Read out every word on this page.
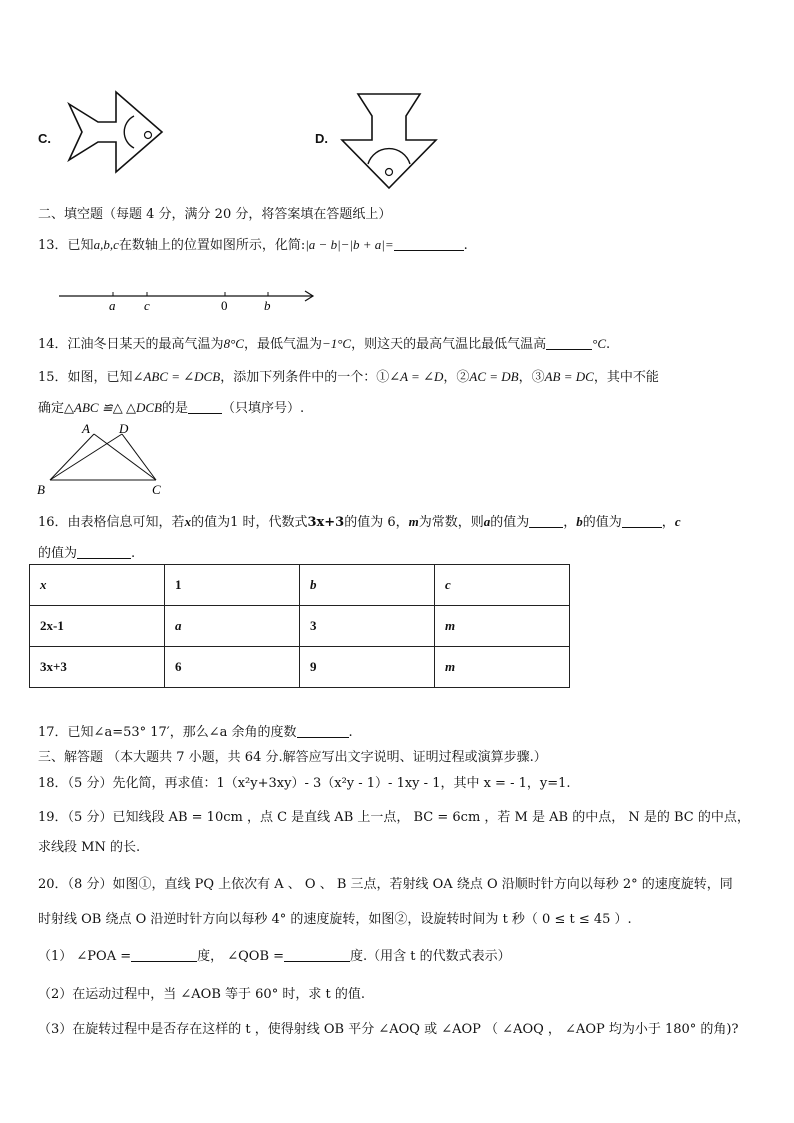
C.	D.
二、填空题（每题 4 分，满分 20 分，将答案填在答题纸上）
13．已知a,b,c在数轴上的位置如图所示，化简:|a − b|−|b + a|=	.
a c	0	b
14．江油冬日某天的最高气温为8°C，最低气温为−1°C，则这天的最高气温比最低气温高	°C.
15．如图，已知∠ABC = ∠DCB，添加下列条件中的一个：①∠A = ∠D，②AC = DB，③AB = DC，其中不能
确定△ABC ≌△ △DCB的是	（只填序号）.
A D
B	C
16．由表格信息可知，若x的值为1 时，代数式3x+3的值为 6，m为常数，则a的值为	，b的值为	，c
的值为	.
x	1	b	c
2x-1	a	3	m
3x+3	6	9	m
17．已知∠a=53° 17′，那么∠a 余角的度数	.
三、解答题 （本大题共 7 小题，共 64 分.解答应写出文字说明、证明过程或演算步骤.）
18．（5 分）先化简，再求值：1（x²y+3xy）- 3（x²y - 1）- 1xy - 1，其中 x = - 1，y=1.
19．（5 分）已知线段 AB = 10cm ，点 C 是直线 AB 上一点， BC = 6cm ，若 M 是 AB 的中点， N 是的 BC 的中点，
求线段 MN 的长.
20．（8 分）如图①，直线 PQ 上依次有 A 、 O 、 B 三点，若射线 OA 绕点 O 沿顺时针方向以每秒 2° 的速度旋转，同
时射线 OB 绕点 O 沿逆时针方向以每秒 4° 的速度旋转，如图②，设旋转时间为 t 秒（ 0 ≤ t ≤ 45 ）.
（1） ∠POA =	度， ∠QOB =	度.（用含 t 的代数式表示）
（2）在运动过程中，当 ∠AOB 等于 60° 时，求 t 的值.
（3）在旋转过程中是否存在这样的 t ，使得射线 OB 平分 ∠AOQ 或 ∠AOP （ ∠AOQ ， ∠AOP 均为小于 180° 的角)?
